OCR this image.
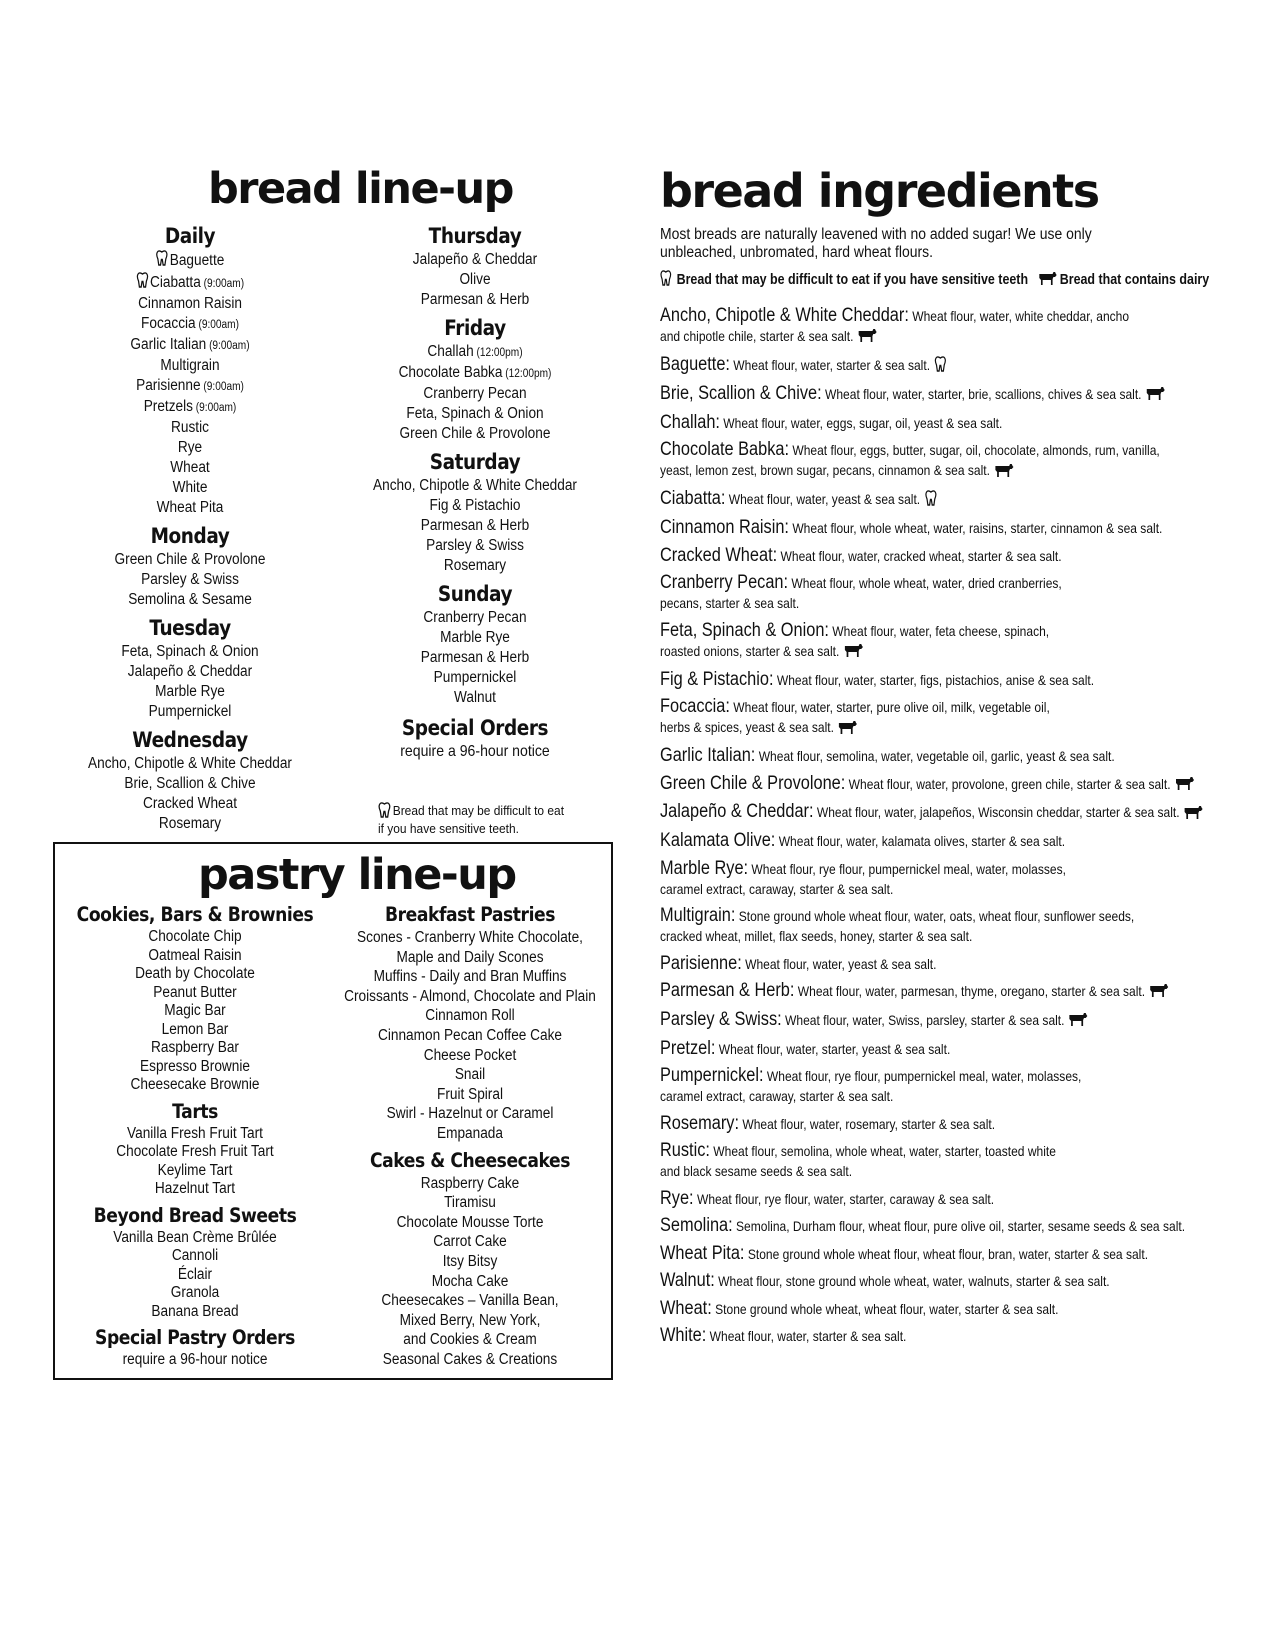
bread line-up
Daily
Baguette
Ciabatta (9:00am)
Cinnamon Raisin
Focaccia (9:00am)
Garlic Italian (9:00am)
Multigrain
Parisienne (9:00am)
Pretzels (9:00am)
Rustic
Rye
Wheat
White
Wheat Pita
Monday
Green Chile & Provolone
Parsley & Swiss
Semolina & Sesame
Tuesday
Feta, Spinach & Onion
Jalapeño & Cheddar
Marble Rye
Pumpernickel
Wednesday
Ancho, Chipotle & White Cheddar
Brie, Scallion & Chive
Cracked Wheat
Rosemary
Thursday
Jalapeño & Cheddar
Olive
Parmesan & Herb
Friday
Challah (12:00pm)
Chocolate Babka (12:00pm)
Cranberry Pecan
Feta, Spinach & Onion
Green Chile & Provolone
Saturday
Ancho, Chipotle & White Cheddar
Fig & Pistachio
Parmesan & Herb
Parsley & Swiss
Rosemary
Sunday
Cranberry Pecan
Marble Rye
Parmesan & Herb
Pumpernickel
Walnut
Special Orders
require a 96-hour notice
Bread that may be difficult to eat if you have sensitive teeth.
pastry line-up
Cookies, Bars & Brownies
Chocolate Chip
Oatmeal Raisin
Death by Chocolate
Peanut Butter
Magic Bar
Lemon Bar
Raspberry Bar
Espresso Brownie
Cheesecake Brownie
Tarts
Vanilla Fresh Fruit Tart
Chocolate Fresh Fruit Tart
Keylime Tart
Hazelnut Tart
Beyond Bread Sweets
Vanilla Bean Crème Brûlée
Cannoli
Éclair
Granola
Banana Bread
Special Pastry Orders
require a 96-hour notice
Breakfast Pastries
Scones - Cranberry White Chocolate,
Maple and Daily Scones
Muffins - Daily and Bran Muffins
Croissants - Almond, Chocolate and Plain
Cinnamon Roll
Cinnamon Pecan Coffee Cake
Cheese Pocket
Snail
Fruit Spiral
Swirl - Hazelnut or Caramel
Empanada
Cakes & Cheesecakes
Raspberry Cake
Tiramisu
Chocolate Mousse Torte
Carrot Cake
Itsy Bitsy
Mocha Cake
Cheesecakes – Vanilla Bean,
Mixed Berry, New York,
and Cookies & Cream
Seasonal Cakes & Creations
bread ingredients
Most breads are naturally leavened with no added sugar! We use only unbleached, unbromated, hard wheat flours.
Bread that may be difficult to eat if you have sensitive teeth Bread that contains dairy
Ancho, Chipotle & White Cheddar: Wheat flour, water, white cheddar, ancho
and chipotle chile, starter & sea salt.
Baguette: Wheat flour, water, starter & sea salt.
Brie, Scallion & Chive: Wheat flour, water, starter, brie, scallions, chives & sea salt.
Challah: Wheat flour, water, eggs, sugar, oil, yeast & sea salt.
Chocolate Babka: Wheat flour, eggs, butter, sugar, oil, chocolate, almonds, rum, vanilla,
yeast, lemon zest, brown sugar, pecans, cinnamon & sea salt.
Ciabatta: Wheat flour, water, yeast & sea salt.
Cinnamon Raisin: Wheat flour, whole wheat, water, raisins, starter, cinnamon & sea salt.
Cracked Wheat: Wheat flour, water, cracked wheat, starter & sea salt.
Cranberry Pecan: Wheat flour, whole wheat, water, dried cranberries,
pecans, starter & sea salt.
Feta, Spinach & Onion: Wheat flour, water, feta cheese, spinach,
roasted onions, starter & sea salt.
Fig & Pistachio: Wheat flour, water, starter, figs, pistachios, anise & sea salt.
Focaccia: Wheat flour, water, starter, pure olive oil, milk, vegetable oil,
herbs & spices, yeast & sea salt.
Garlic Italian: Wheat flour, semolina, water, vegetable oil, garlic, yeast & sea salt.
Green Chile & Provolone: Wheat flour, water, provolone, green chile, starter & sea salt.
Jalapeño & Cheddar: Wheat flour, water, jalapeños, Wisconsin cheddar, starter & sea salt.
Kalamata Olive: Wheat flour, water, kalamata olives, starter & sea salt.
Marble Rye: Wheat flour, rye flour, pumpernickel meal, water, molasses,
caramel extract, caraway, starter & sea salt.
Multigrain: Stone ground whole wheat flour, water, oats, wheat flour, sunflower seeds,
cracked wheat, millet, flax seeds, honey, starter & sea salt.
Parisienne: Wheat flour, water, yeast & sea salt.
Parmesan & Herb: Wheat flour, water, parmesan, thyme, oregano, starter & sea salt.
Parsley & Swiss: Wheat flour, water, Swiss, parsley, starter & sea salt.
Pretzel: Wheat flour, water, starter, yeast & sea salt.
Pumpernickel: Wheat flour, rye flour, pumpernickel meal, water, molasses,
caramel extract, caraway, starter & sea salt.
Rosemary: Wheat flour, water, rosemary, starter & sea salt.
Rustic: Wheat flour, semolina, whole wheat, water, starter, toasted white
and black sesame seeds & sea salt.
Rye: Wheat flour, rye flour, water, starter, caraway & sea salt.
Semolina: Semolina, Durham flour, wheat flour, pure olive oil, starter, sesame seeds & sea salt.
Wheat Pita: Stone ground whole wheat flour, wheat flour, bran, water, starter & sea salt.
Walnut: Wheat flour, stone ground whole wheat, water, walnuts, starter & sea salt.
Wheat: Stone ground whole wheat, wheat flour, water, starter & sea salt.
White: Wheat flour, water, starter & sea salt.
